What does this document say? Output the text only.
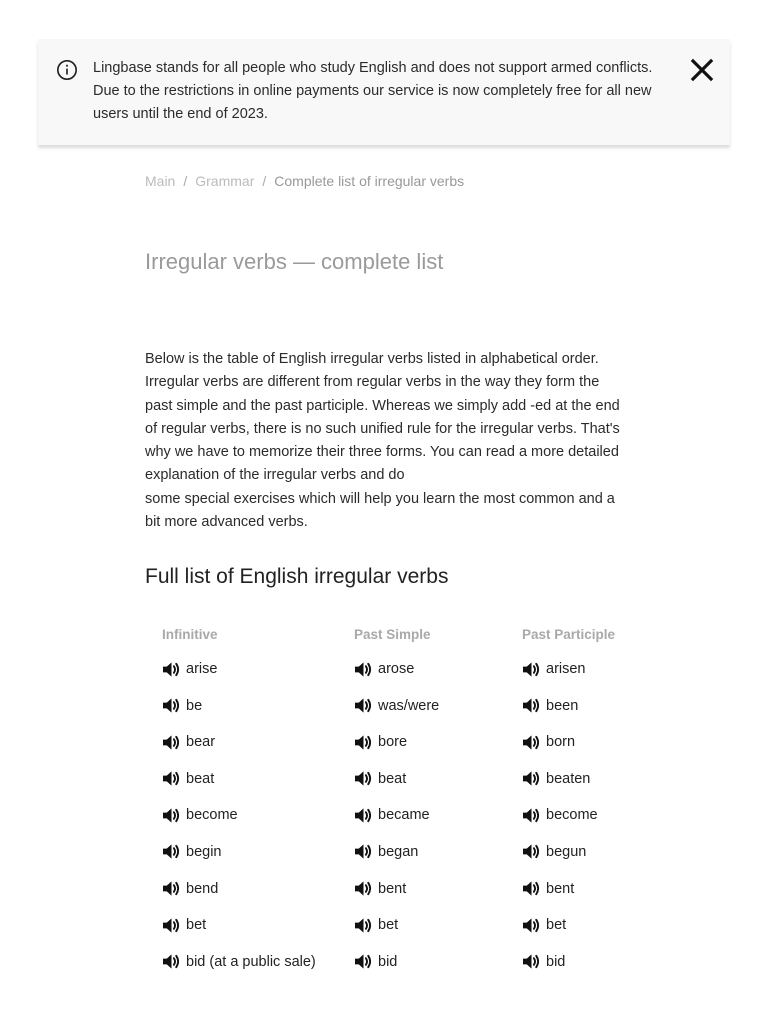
Lingbase stands for all people who study English and does not support armed conflicts. Due to the restrictions in online payments our service is now completely free for all new users until the end of 2023.
Main / Grammar / Complete list of irregular verbs
Irregular verbs — complete list

Below is the table of English irregular verbs listed in alphabetical order. Irregular verbs are different from regular verbs in the way they form the past simple and the past participle. Whereas we simply add -ed at the end of regular verbs, there is no such unified rule for the irregular verbs. That's why we have to memorize their three forms. You can read a more detailed explanation of the irregular verbs and do

some special exercises which will help you learn the most common and a bit more advanced verbs.

Full list of English irregular verbs
Infinitive	Past Simple	Past Participle
arise	arose	arisen
be	was/were	been
bear	bore	born
beat	beat	beaten
become	became	become
begin	began	begun
bend	bent	bent
bet	bet	bet
bid (at a public sale)	bid	bid
